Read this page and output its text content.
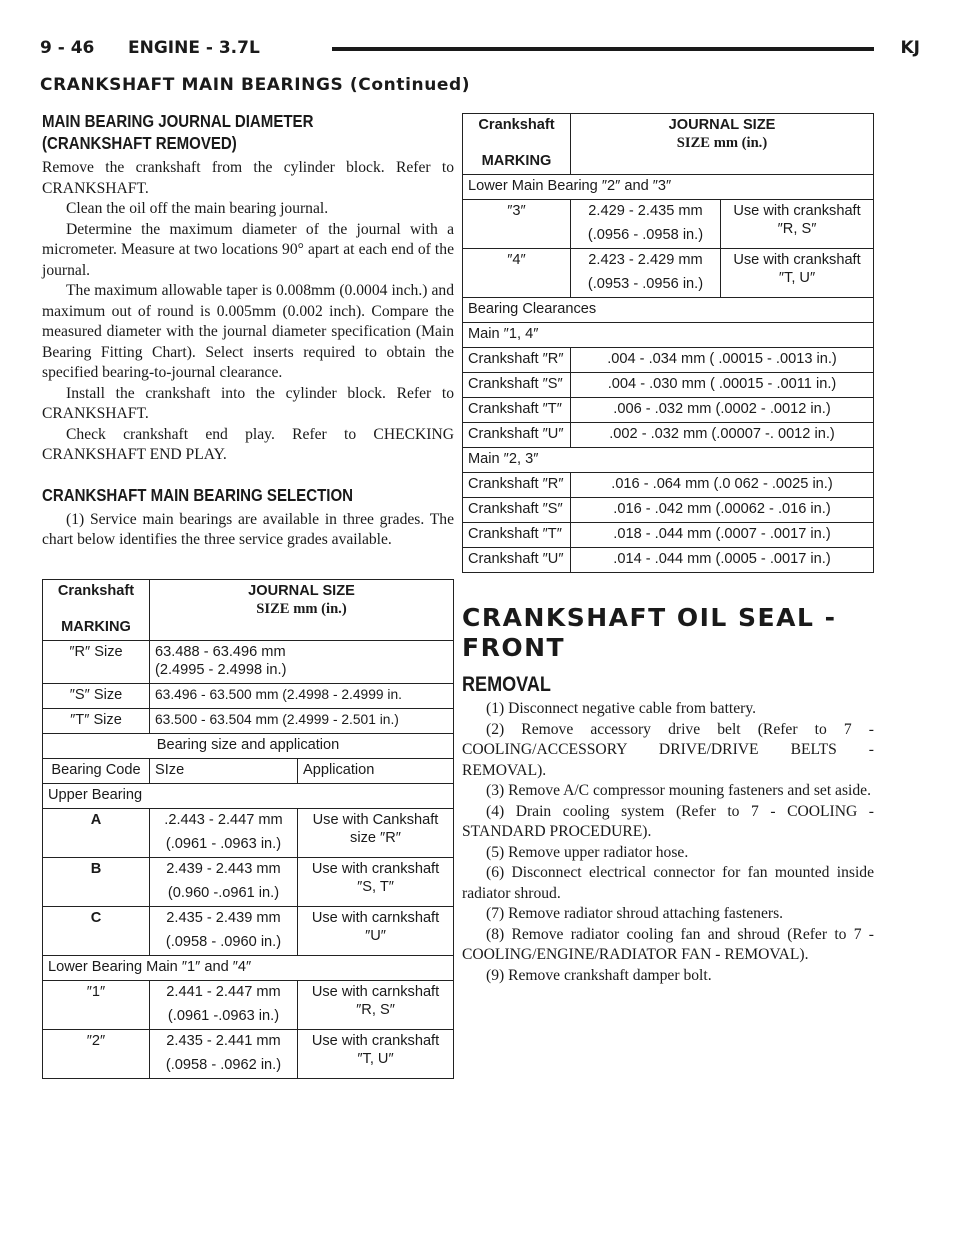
9 - 46 ENGINE - 3.7L	KJ
CRANKSHAFT MAIN BEARINGS (Continued)
MAIN BEARING JOURNAL DIAMETER
(CRANKSHAFT REMOVED)

Remove the crankshaft from the cylinder block. Refer to CRANKSHAFT.

Clean the oil off the main bearing journal.

Determine the maximum diameter of the journal with a micrometer. Measure at two locations 90° apart at each end of the journal.

The maximum allowable taper is 0.008mm (0.0004 inch.) and maximum out of round is 0.005mm (0.002 inch). Compare the measured diameter with the journal diameter specification (Main Bearing Fitting Chart). Select inserts required to obtain the specified bearing-to-journal clearance.

Install the crankshaft into the cylinder block. Refer to CRANKSHAFT.

Check crankshaft end play. Refer to CHECKING CRANKSHAFT END PLAY.

CRANKSHAFT MAIN BEARING SELECTION

(1) Service main bearings are available in three grades. The chart below identifies the three service grades available.

Crankshaft

MARKING	JOURNAL SIZE
SIZE mm (in.)	
″R″ Size	63.488 - 63.496 mm
(2.4995 - 2.4998 in.)	
″S″ Size	63.496 - 63.500 mm (2.4998 - 2.4999 in.	
″T″ Size	63.500 - 63.504 mm (2.4999 - 2.501 in.)	
Bearing size and application		
Bearing Code	SIze	Application
Upper Bearing		
A	.2.443 - 2.447 mm
(.0961 - .0963 in.)	Use with Cankshaft size ″R″
B	2.439 - 2.443 mm
(0.960 -.o961 in.)	Use with crankshaft ″S, T″
C	2.435 - 2.439 mm
(.0958 - .0960 in.)	Use with carnkshaft ″U″
Lower Bearing Main ″1″ and ″4″		
″1″	2.441 - 2.447 mm
(.0961 -.0963 in.)	Use with carnkshaft ″R, S″
″2″	2.435 - 2.441 mm
(.0958 - .0962 in.)	Use with crankshaft ″T, U″
Crankshaft

MARKING	JOURNAL SIZE
SIZE mm (in.)	
Lower Main Bearing ″2″ and ″3″		
″3″	2.429 - 2.435 mm
(.0956 - .0958 in.)	Use with crankshaft ″R, S″
″4″	2.423 - 2.429 mm
(.0953 - .0956 in.)	Use with crankshaft ″T, U″
Bearing Clearances		
Main ″1, 4″		
Crankshaft ″R″	.004 - .034 mm ( .00015 - .0013 in.)	
Crankshaft ″S″	.004 - .030 mm ( .00015 - .0011 in.)	
Crankshaft ″T″	.006 - .032 mm (.0002 - .0012 in.)	
Crankshaft ″U″	.002 - .032 mm (.00007 -. 0012 in.)	
Main ″2, 3″		
Crankshaft ″R″	.016 - .064 mm (.0 062 - .0025 in.)	
Crankshaft ″S″	.016 - .042 mm (.00062 - .016 in.)	
Crankshaft ″T″	.018 - .044 mm (.0007 - .0017 in.)	
Crankshaft ″U″	.014 - .044 mm (.0005 - .0017 in.)	

CRANKSHAFT OIL SEAL -

FRONT

REMOVAL

(1) Disconnect negative cable from battery.

(2) Remove accessory drive belt (Refer to 7 - COOLING/ACCESSORY DRIVE/DRIVE BELTS - REMOVAL).

(3) Remove A/C compressor mouning fasteners and set aside.

(4) Drain cooling system (Refer to 7 - COOLING - STANDARD PROCEDURE).

(5) Remove upper radiator hose.

(6) Disconnect electrical connector for fan mounted inside radiator shroud.

(7) Remove radiator shroud attaching fasteners.

(8) Remove radiator cooling fan and shroud (Refer to 7 - COOLING/ENGINE/RADIATOR FAN - REMOVAL).

(9) Remove crankshaft damper bolt.
